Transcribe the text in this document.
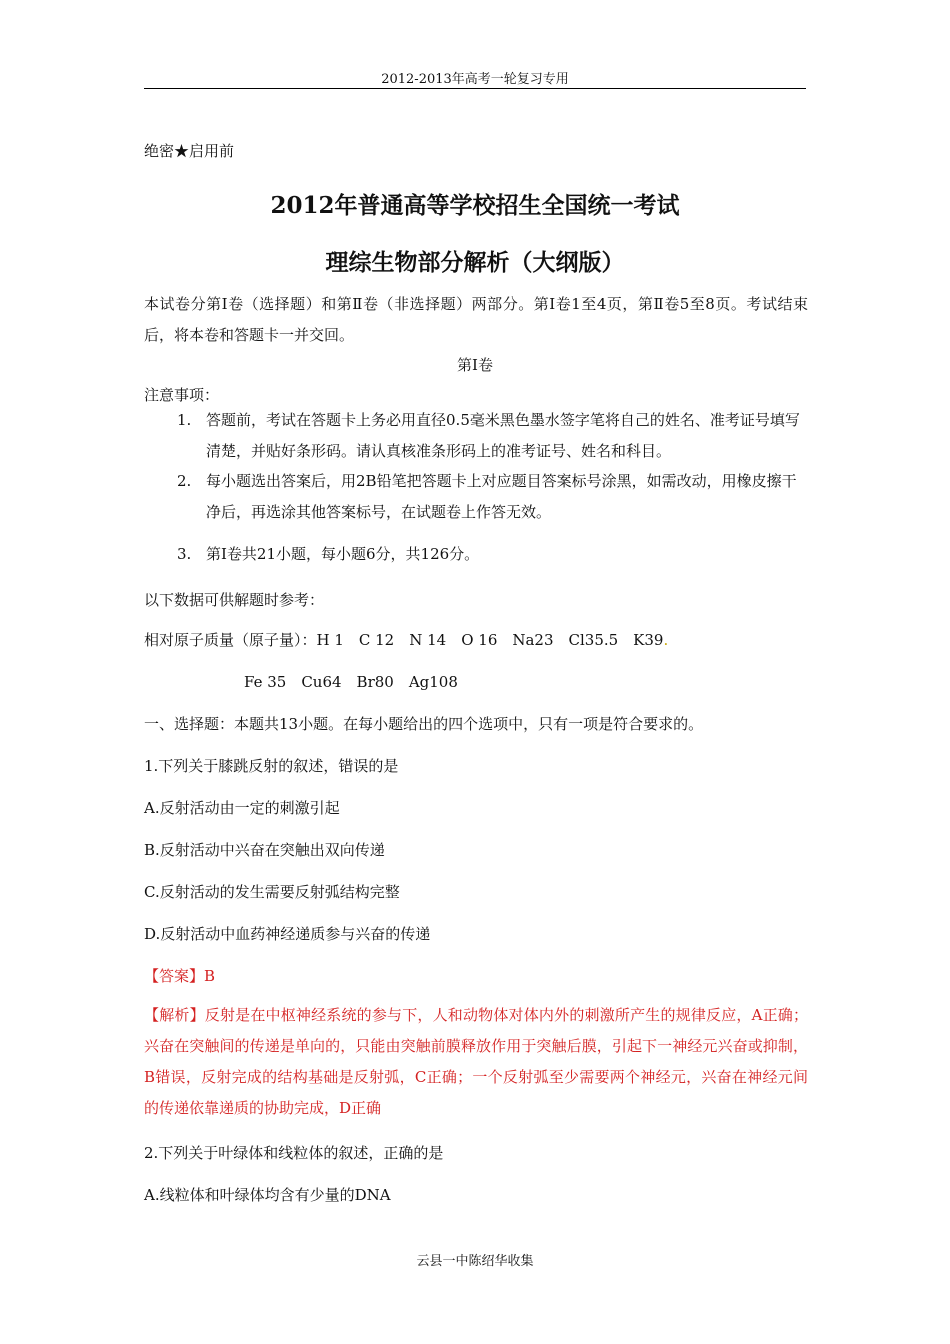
2012-2013年高考一轮复习专用
绝密★启用前
2012年普通高等学校招生全国统一考试
理综生物部分解析（大纲版）
本试卷分第Ⅰ卷（选择题）和第Ⅱ卷（非选择题）两部分。第Ⅰ卷1至4页，第Ⅱ卷5至8页。考试结束后，将本卷和答题卡一并交回。
第Ⅰ卷
注意事项：
1. 答题前，考试在答题卡上务必用直径0.5毫米黑色墨水签字笔将自己的姓名、准考证号填写清楚，并贴好条形码。请认真核准条形码上的准考证号、姓名和科目。
2. 每小题选出答案后，用2B铅笔把答题卡上对应题目答案标号涂黑，如需改动，用橡皮擦干净后，再选涂其他答案标号，在试题卷上作答无效。
3. 第Ⅰ卷共21小题，每小题6分，共126分。
以下数据可供解题时参考：
相对原子质量（原子量）：H 1　C 12　N 14　O 16　Na23　Cl35.5　K39.
Fe 35　Cu64　Br80　Ag108
一、选择题：本题共13小题。在每小题给出的四个选项中，只有一项是符合要求的。
1.下列关于膝跳反射的叙述，错误的是
A.反射活动由一定的刺激引起
B.反射活动中兴奋在突触出双向传递
C.反射活动的发生需要反射弧结构完整
D.反射活动中血药神经递质参与兴奋的传递
【答案】B
【解析】反射是在中枢神经系统的参与下，人和动物体对体内外的刺激所产生的规律反应，A正确；兴奋在突触间的传递是单向的，只能由突触前膜释放作用于突触后膜，引起下一神经元兴奋或抑制，B错误，反射完成的结构基础是反射弧，C正确；一个反射弧至少需要两个神经元，兴奋在神经元间的传递依靠递质的协助完成，D正确
2.下列关于叶绿体和线粒体的叙述，正确的是
A.线粒体和叶绿体均含有少量的DNA
云县一中陈绍华收集
